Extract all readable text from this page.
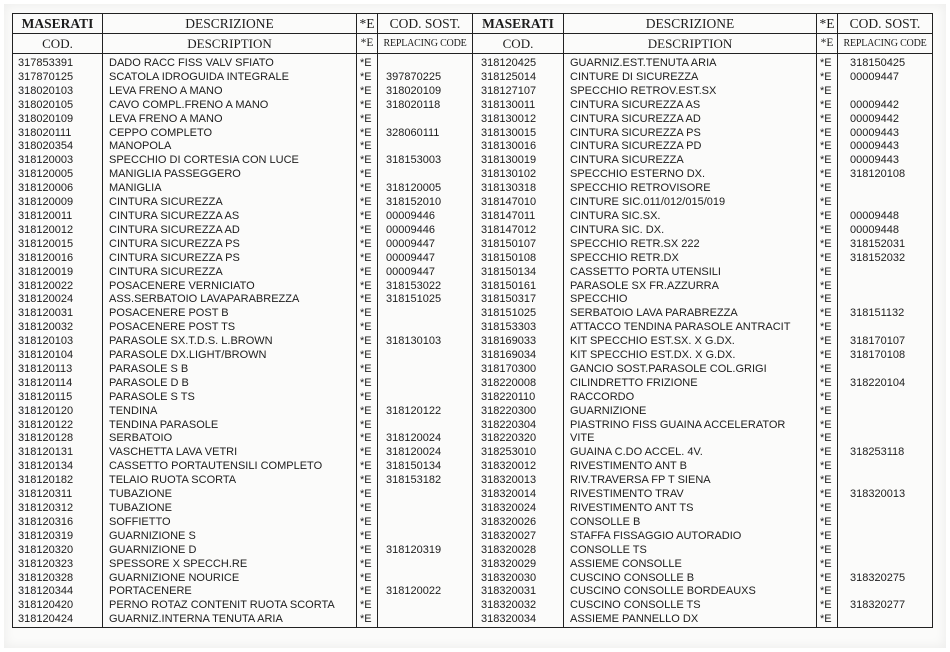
MASERATI	DESCRIZIONE	*E	COD. SOST.	MASERATI	DESCRIZIONE	*E	COD. SOST.
COD.	DESCRIPTION	*E	REPLACING CODE	COD.	DESCRIPTION	*E	REPLACING CODE
317853391	DADO RACC FISS VALV SFIATO	*E		318120425	GUARNIZ.EST.TENUTA ARIA	*E	318150425
317870125	SCATOLA IDROGUIDA INTEGRALE	*E	397870225	318125014	CINTURE DI SICUREZZA	*E	00009447
318020103	LEVA FRENO A MANO	*E	318020109	318127107	SPECCHIO RETROV.EST.SX	*E	
318020105	CAVO COMPL.FRENO A MANO	*E	318020118	318130011	CINTURA SICUREZZA AS	*E	00009442
318020109	LEVA FRENO A MANO	*E		318130012	CINTURA SICUREZZA AD	*E	00009442
318020111	CEPPO COMPLETO	*E	328060111	318130015	CINTURA SICUREZZA PS	*E	00009443
318020354	MANOPOLA	*E		318130016	CINTURA SICUREZZA PD	*E	00009443
318120003	SPECCHIO DI CORTESIA CON LUCE	*E	318153003	318130019	CINTURA SICUREZZA	*E	00009443
318120005	MANIGLIA PASSEGGERO	*E		318130102	SPECCHIO ESTERNO DX.	*E	318120108
318120006	MANIGLIA	*E	318120005	318130318	SPECCHIO RETROVISORE	*E	
318120009	CINTURA SICUREZZA	*E	318152010	318147010	CINTURE SIC.011/012/015/019	*E	
318120011	CINTURA SICUREZZA AS	*E	00009446	318147011	CINTURA SIC.SX.	*E	00009448
318120012	CINTURA SICUREZZA AD	*E	00009446	318147012	CINTURA SIC. DX.	*E	00009448
318120015	CINTURA SICUREZZA PS	*E	00009447	318150107	SPECCHIO RETR.SX 222	*E	318152031
318120016	CINTURA SICUREZZA PS	*E	00009447	318150108	SPECCHIO RETR.DX	*E	318152032
318120019	CINTURA SICUREZZA	*E	00009447	318150134	CASSETTO PORTA UTENSILI	*E	
318120022	POSACENERE VERNICIATO	*E	318153022	318150161	PARASOLE SX FR.AZZURRA	*E	
318120024	ASS.SERBATOIO LAVAPARABREZZA	*E	318151025	318150317	SPECCHIO	*E	
318120031	POSACENERE POST B	*E		318151025	SERBATOIO LAVA PARABREZZA	*E	318151132
318120032	POSACENERE POST TS	*E		318153303	ATTACCO TENDINA PARASOLE ANTRACIT	*E	
318120103	PARASOLE SX.T.D.S. L.BROWN	*E	318130103	318169033	KIT SPECCHIO EST.SX. X G.DX.	*E	318170107
318120104	PARASOLE DX.LIGHT/BROWN	*E		318169034	KIT SPECCHIO EST.DX. X G.DX.	*E	318170108
318120113	PARASOLE S B	*E		318170300	GANCIO SOST.PARASOLE COL.GRIGI	*E	
318120114	PARASOLE D B	*E		318220008	CILINDRETTO FRIZIONE	*E	318220104
318120115	PARASOLE S TS	*E		318220110	RACCORDO	*E	
318120120	TENDINA	*E	318120122	318220300	GUARNIZIONE	*E	
318120122	TENDINA PARASOLE	*E		318220304	PIASTRINO FISS GUAINA ACCELERATOR	*E	
318120128	SERBATOIO	*E	318120024	318220320	VITE	*E	
318120131	VASCHETTA LAVA VETRI	*E	318120024	318253010	GUAINA C.DO ACCEL. 4V.	*E	318253118
318120134	CASSETTO PORTAUTENSILI COMPLETO	*E	318150134	318320012	RIVESTIMENTO ANT B	*E	
318120182	TELAIO RUOTA SCORTA	*E	318153182	318320013	RIV.TRAVERSA FP T SIENA	*E	
318120311	TUBAZIONE	*E		318320014	RIVESTIMENTO TRAV	*E	318320013
318120312	TUBAZIONE	*E		318320024	RIVESTIMENTO ANT TS	*E	
318120316	SOFFIETTO	*E		318320026	CONSOLLE B	*E	
318120319	GUARNIZIONE S	*E		318320027	STAFFA FISSAGGIO AUTORADIO	*E	
318120320	GUARNIZIONE D	*E	318120319	318320028	CONSOLLE TS	*E	
318120323	SPESSORE X SPECCH.RE	*E		318320029	ASSIEME CONSOLLE	*E	
318120328	GUARNIZIONE NOURICE	*E		318320030	CUSCINO CONSOLLE B	*E	318320275
318120344	PORTACENERE	*E	318120022	318320031	CUSCINO CONSOLLE BORDEAUXS	*E	
318120420	PERNO ROTAZ CONTENIT RUOTA SCORTA	*E		318320032	CUSCINO CONSOLLE TS	*E	318320277
318120424	GUARNIZ.INTERNA TENUTA ARIA	*E		318320034	ASSIEME PANNELLO DX	*E	
